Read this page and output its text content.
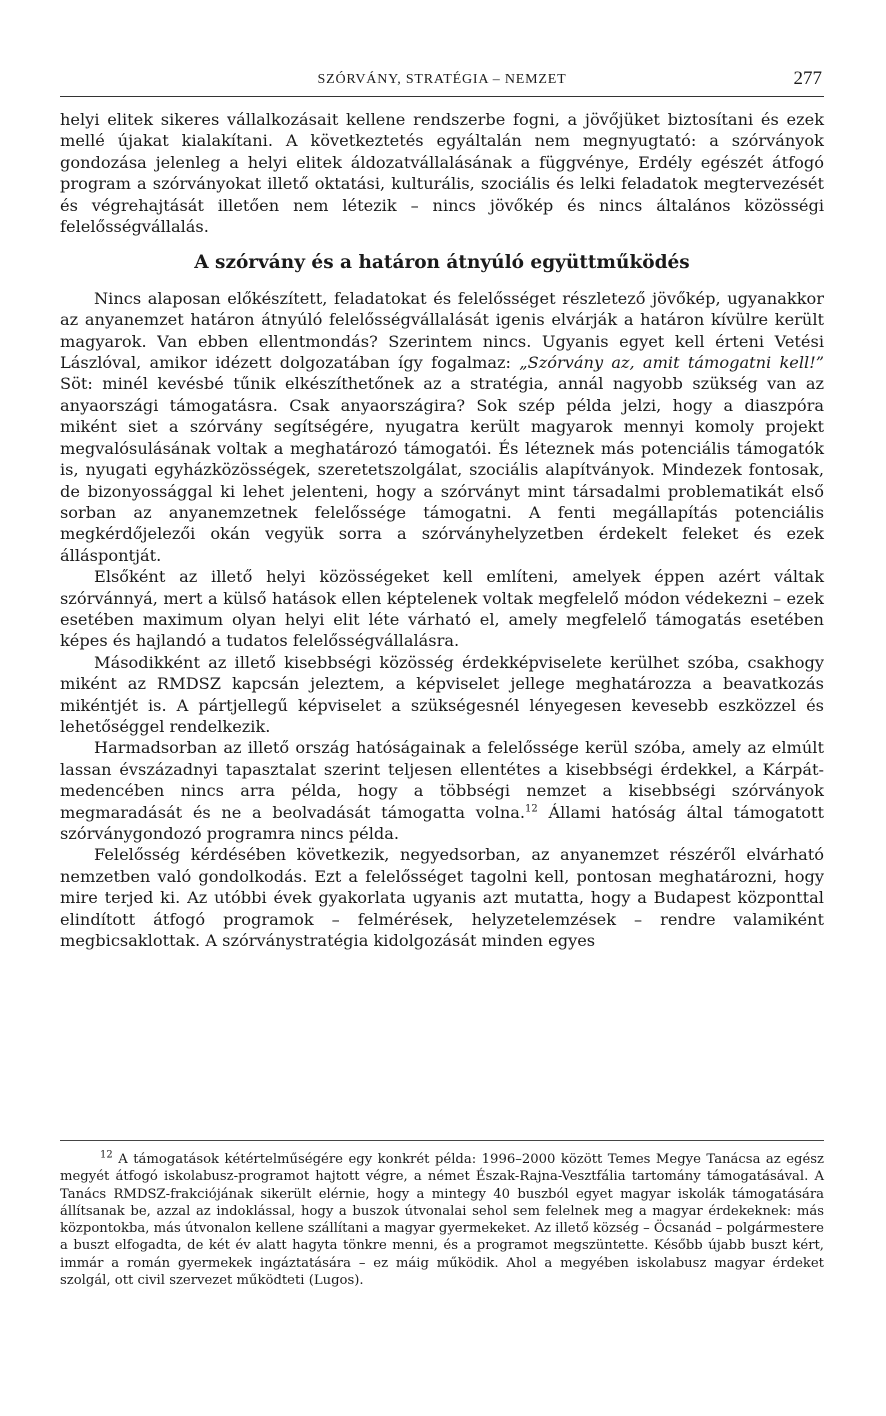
SZÓRVÁNY, STRATÉGIA – NEMZET	277

helyi elitek sikeres vállalkozásait kellene rendszerbe fogni, a jövőjüket biztosítani és ezek mellé újakat kialakítani. A következtetés egyáltalán nem megnyugtató: a szórványok gondozása jelenleg a helyi elitek áldozatvállalásának a függvénye, Erdély egészét átfogó program a szórványokat illető oktatási, kulturális, szociális és lelki feladatok megtervezését és végrehajtását illetően nem létezik – nincs jövőkép és nincs általános közösségi felelősségvállalás.

A szórvány és a határon átnyúló együttműködés

Nincs alaposan előkészített, feladatokat és felelősséget részletező jövőkép, ugyanakkor az anyanemzet határon átnyúló felelősségvállalását igenis elvárják a határon kívülre került magyarok. Van ebben ellentmondás? Szerintem nincs. Ugyanis egyet kell érteni Vetési Lászlóval, amikor idézett dolgozatában így fogalmaz: „Szórvány az, amit támogatni kell!” Söt: minél kevésbé tűnik elkészíthetőnek az a stratégia, annál nagyobb szükség van az anyaországi támogatásra. Csak anyaországira? Sok szép példa jelzi, hogy a diaszpóra miként siet a szórvány segítségére, nyugatra került magyarok mennyi komoly projekt megvalósulásának voltak a meghatározó támogatói. És léteznek más potenciális támogatók is, nyugati egyházközösségek, szeretetszolgálat, szociális alapítványok. Mindezek fontosak, de bizonyossággal ki lehet jelenteni, hogy a szórványt mint társadalmi problematikát első sorban az anyanemzetnek felelőssége támogatni. A fenti megállapítás potenciális megkérdőjelezői okán vegyük sorra a szórványhelyzetben érdekelt feleket és ezek álláspontját.

Elsőként az illető helyi közösségeket kell említeni, amelyek éppen azért váltak szórvánnyá, mert a külső hatások ellen képtelenek voltak megfelelő módon védekezni – ezek esetében maximum olyan helyi elit léte várható el, amely megfelelő támogatás esetében képes és hajlandó a tudatos felelősségvállalásra.

Másodikként az illető kisebbségi közösség érdekképviselete kerülhet szóba, csakhogy miként az RMDSZ kapcsán jeleztem, a képviselet jellege meghatározza a beavatkozás mikéntjét is. A pártjellegű képviselet a szükségesnél lényegesen kevesebb eszközzel és lehetőséggel rendelkezik.

Harmadsorban az illető ország hatóságainak a felelőssége kerül szóba, amely az elmúlt lassan évszázadnyi tapasztalat szerint teljesen ellentétes a kisebbségi érdekkel, a Kárpát-medencében nincs arra példa, hogy a többségi nemzet a kisebbségi szórványok megmaradását és ne a beolvadását támogatta volna.$^{12}$ Állami hatóság által támogatott szórványgondozó programra nincs példa.

Felelősség kérdésében következik, negyedsorban, az anyanemzet részéről elvárható nemzetben való gondolkodás. Ezt a felelősséget tagolni kell, pontosan meghatározni, hogy mire terjed ki. Az utóbbi évek gyakorlata ugyanis azt mutatta, hogy a Budapest központtal elindított átfogó programok – felmérések, helyzetelemzések – rendre valamiként megbicsaklottak. A szórványstratégia kidolgozását minden egyes

$^{12}$ A támogatások kétértelműségére egy konkrét példa: 1996–2000 között Temes Megye Tanácsa az egész megyét átfogó iskolabusz-programot hajtott végre, a német Észak-Rajna-Vesztfália tartomány támogatásával. A Tanács RMDSZ-frakciójának sikerült elérnie, hogy a mintegy 40 buszból egyet magyar iskolák támogatására állítsanak be, azzal az indoklással, hogy a buszok útvonalai sehol sem felelnek meg a magyar érdekeknek: más központokba, más útvonalon kellene szállítani a magyar gyermekeket. Az illető község – Öcsanád – polgármestere a buszt elfogadta, de két év alatt hagyta tönkre menni, és a programot megszüntette. Később újabb buszt kért, immár a román gyermekek ingáztatására – ez máig működik. Ahol a megyében iskolabusz magyar érdeket szolgál, ott civil szervezet működteti (Lugos).
